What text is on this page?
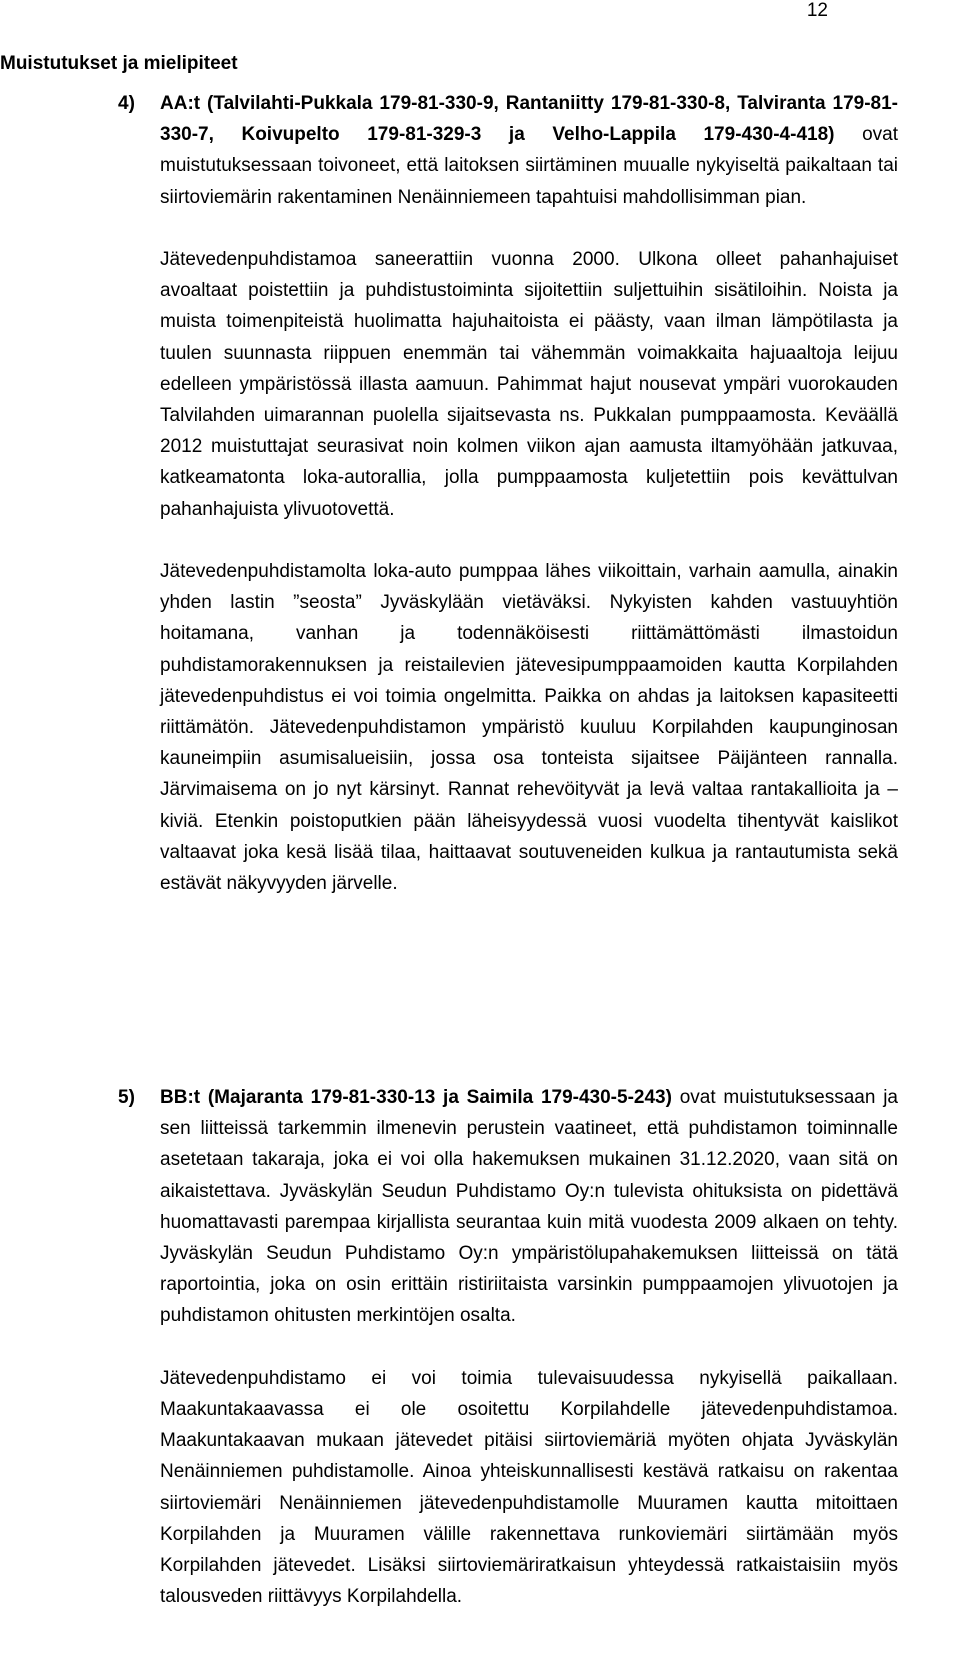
12
Muistutukset ja mielipiteet
4) AA:t (Talvilahti-Pukkala 179-81-330-9, Rantaniitty 179-81-330-8, Talviranta 179-81-330-7, Koivupelto 179-81-329-3 ja Velho-Lappila 179-430-4-418) ovat muistutuksessaan toivoneet, että laitoksen siirtäminen muualle nykyiseltä paikaltaan tai siirtoviemärin rakentaminen Nenäinniemeen tapahtuisi mahdollisimman pian.

Jätevedenpuhdistamoa saneerattiin vuonna 2000. Ulkona olleet pahanhajuiset avoaltaat poistettiin ja puhdistustoiminta sijoitettiin suljettuihin sisätiloihin. Noista ja muista toimenpiteistä huolimatta hajuhaitoista ei päästy, vaan ilman lämpötilasta ja tuulen suunnasta riippuen enemmän tai vähemmän voimakkaita hajuaaltoja leijuu edelleen ympäristössä illasta aamuun. Pahimmat hajut nousevat ympäri vuorokauden Talvilahden uimarannan puolella sijaitsevasta ns. Pukkalan pumppaamosta. Keväällä 2012 muistuttajat seurasivat noin kolmen viikon ajan aamusta iltamyöhään jatkuvaa, katkeamatonta loka-autorallia, jolla pumppaamosta kuljetettiin pois kevättulvan pahanhajuista ylivuotovettä.

Jätevedenpuhdistamolta loka-auto pumppaa lähes viikoittain, varhain aamulla, ainakin yhden lastin ”seosta” Jyväskylään vietäväksi. Nykyisten kahden vastuuyhtiön hoitamana, vanhan ja todennäköisesti riittämättömästi ilmastoidun puhdistamorakennuksen ja reistailevien jätevesipumppaamoiden kautta Korpilahden jätevedenpuhdistus ei voi toimia ongelmitta. Paikka on ahdas ja laitoksen kapasiteetti riittämätön. Jätevedenpuhdistamon ympäristö kuuluu Korpilahden kaupunginosan kauneimpiin asumisalueisiin, jossa osa tonteista sijaitsee Päijänteen rannalla. Järvimaisema on jo nyt kärsinyt. Rannat rehevöityvät ja levä valtaa rantakallioita ja –kiviä. Etenkin poistoputkien pään läheisyydessä vuosi vuodelta tihentyvät kaislikot valtaavat joka kesä lisää tilaa, haittaavat soutuveneiden kulkua ja rantautumista sekä estävät näkyvyyden järvelle.

5) BB:t (Majaranta 179-81-330-13 ja Saimila 179-430-5-243) ovat muistutuksessaan ja sen liitteissä tarkemmin ilmenevin perustein vaatineet, että puhdistamon toiminnalle asetetaan takaraja, joka ei voi olla hakemuksen mukainen 31.12.2020, vaan sitä on aikaistettava. Jyväskylän Seudun Puhdistamo Oy:n tulevista ohituksista on pidettävä huomattavasti parempaa kirjallista seurantaa kuin mitä vuodesta 2009 alkaen on tehty. Jyväskylän Seudun Puhdistamo Oy:n ympäristölupahakemuksen liitteissä on tätä raportointia, joka on osin erittäin ristiriitaista varsinkin pumppaamojen ylivuotojen ja puhdistamon ohitusten merkintöjen osalta.

Jätevedenpuhdistamo ei voi toimia tulevaisuudessa nykyisellä paikallaan. Maakuntakaavassa ei ole osoitettu Korpilahdelle jätevedenpuhdistamoa. Maakuntakaavan mukaan jätevedet pitäisi siirtoviemäriä myöten ohjata Jyväskylän Nenäinniemen puhdistamolle. Ainoa yhteiskunnallisesti kestävä ratkaisu on rakentaa siirtoviemäri Nenäinniemen jätevedenpuhdistamolle Muuramen kautta mitoittaen Korpilahden ja Muuramen välille rakennettava runkoviemäri siirtämään myös Korpilahden jätevedet. Lisäksi siirtoviemäriratkaisun yhteydessä ratkaistaisiin myös talousveden riittävyys Korpilahdella.
